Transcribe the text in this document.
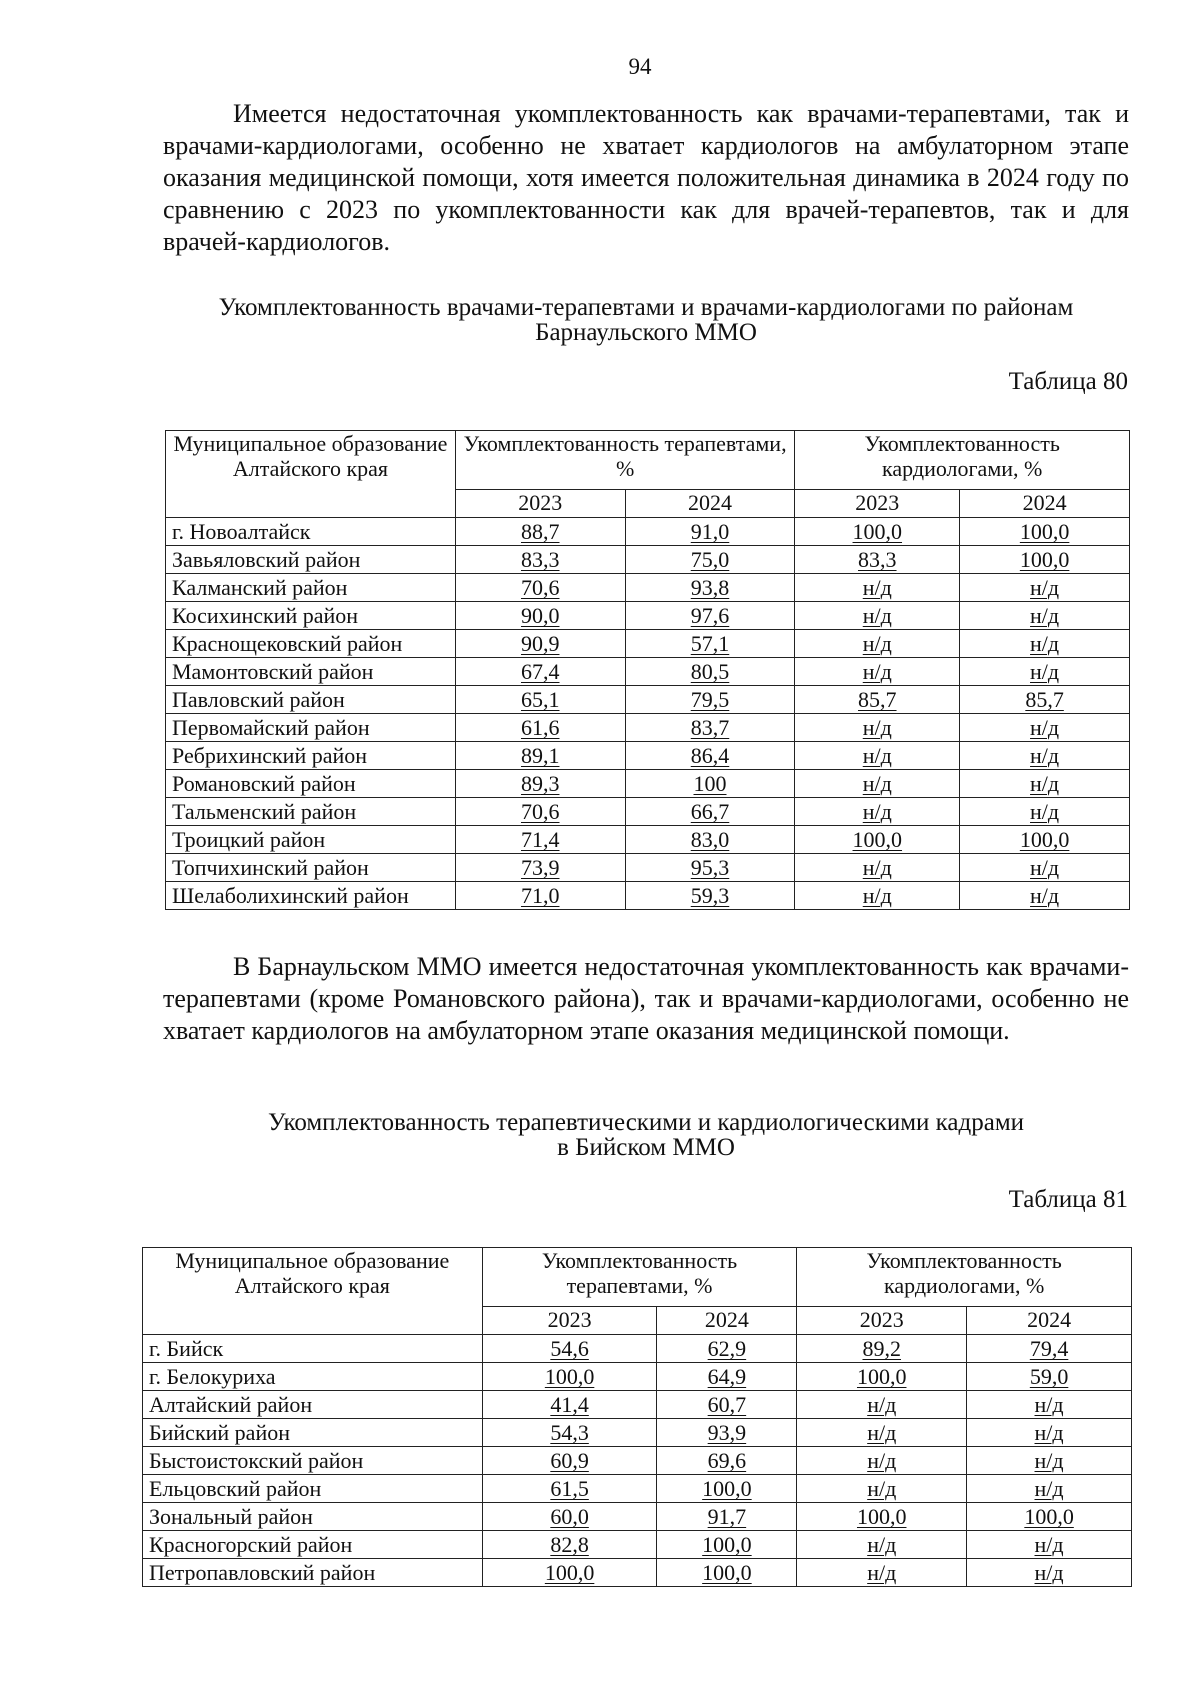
94

Имеется недостаточная укомплектованность как врачами-терапевтами, так и врачами-кардиологами, особенно не хватает кардиологов на амбулаторном этапе оказания медицинской помощи, хотя имеется положительная динамика в 2024 году по сравнению с 2023 по укомплектованности как для врачей-терапевтов, так и для врачей-кардиологов.

Укомплектованность врачами-терапевтами и врачами-кардиологами по районам
Барнаульского ММО
Таблица 80
Муниципальное образование Алтайского края	Укомплектованность терапевтами, %		Укомплектованность кардиологами, %	
	2023	2024	2023	2024
г. Новоалтайск	88,7	91,0	100,0	100,0
Завьяловский район	83,3	75,0	83,3	100,0
Калманский район	70,6	93,8	н/д	н/д
Косихинский район	90,0	97,6	н/д	н/д
Краснощековский район	90,9	57,1	н/д	н/д
Мамонтовский район	67,4	80,5	н/д	н/д
Павловский район	65,1	79,5	85,7	85,7
Первомайский район	61,6	83,7	н/д	н/д
Ребрихинский район	89,1	86,4	н/д	н/д
Романовский район	89,3	100	н/д	н/д
Тальменский район	70,6	66,7	н/д	н/д
Троицкий район	71,4	83,0	100,0	100,0
Топчихинский район	73,9	95,3	н/д	н/д
Шелаболихинский район	71,0	59,3	н/д	н/д

В Барнаульском ММО имеется недостаточная укомплектованность как врачами-терапевтами (кроме Романовского района), так и врачами-кардиологами, особенно не хватает кардиологов на амбулаторном этапе оказания медицинской помощи.

Укомплектованность терапевтическими и кардиологическими кадрами
в Бийском ММО
Таблица 81
Муниципальное образование Алтайского края	Укомплектованность терапевтами, %		Укомплектованность кардиологами, %	
	2023	2024	2023	2024
г. Бийск	54,6	62,9	89,2	79,4
г. Белокуриха	100,0	64,9	100,0	59,0
Алтайский район	41,4	60,7	н/д	н/д
Бийский район	54,3	93,9	н/д	н/д
Быстоистокский район	60,9	69,6	н/д	н/д
Ельцовский район	61,5	100,0	н/д	н/д
Зональный район	60,0	91,7	100,0	100,0
Красногорский район	82,8	100,0	н/д	н/д
Петропавловский район	100,0	100,0	н/д	н/д
